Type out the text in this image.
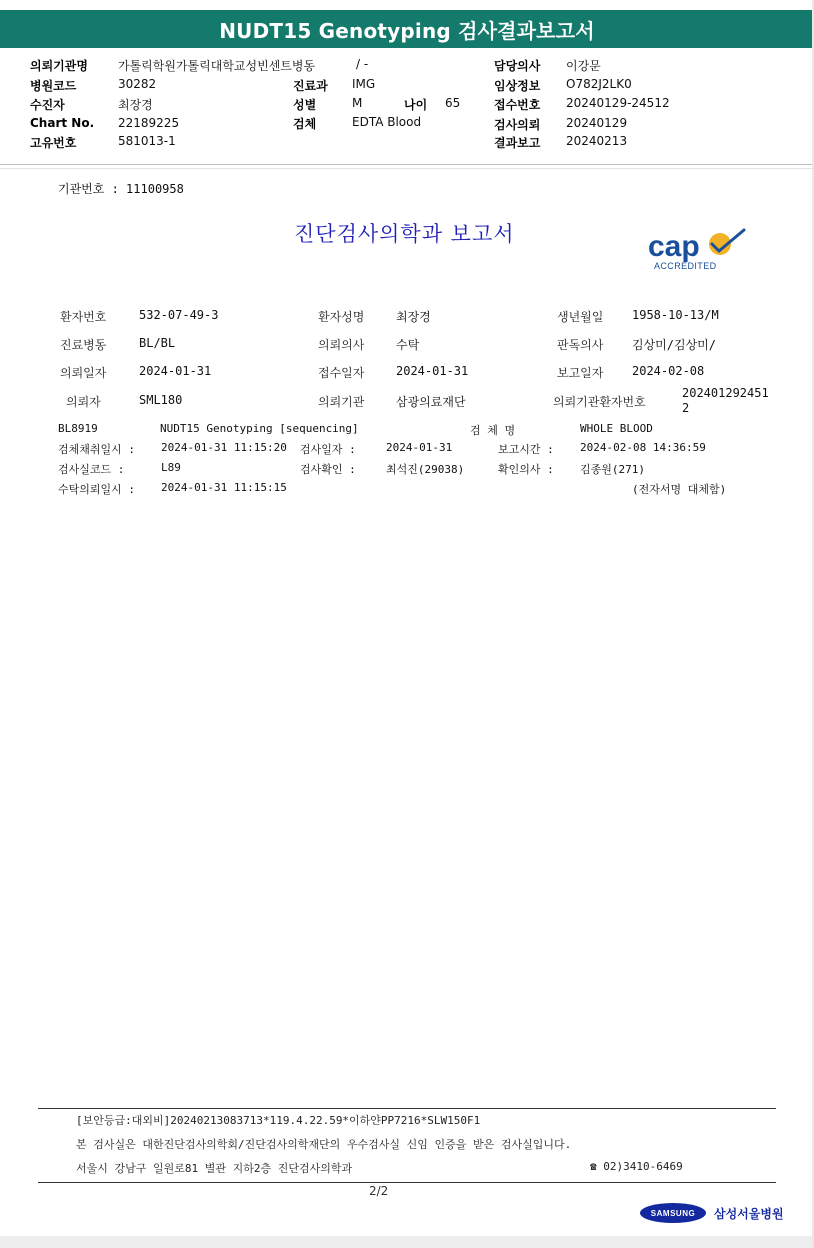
NUDT15 Genotyping 검사결과보고서
의뢰기관명	가톨릭학원가톨릭대학교성빈센트병동	/ -
병원코드	30282
수진자	최장경
Chart No. 22189225
고유번호	581013-1
진료과 IMG
성별	M	나이 65
검체	EDTA Blood
담당의사 이강문
임상정보 O782J2LK0
접수번호 20240129-24512
검사의뢰 20240129
결과보고 20240213
기관번호 : 11100958
진단검사의학과 보고서	cap
ACCREDITED
환자번호	532-07-49-3	환자성명	최장경	생년월일 1958-10-13/M
진료병동	BL/BL	의뢰의사	수탁	판독의사 김상미/김상미/
의뢰일자	2024-01-31	접수일자	2024-01-31	보고일자 2024-02-08
의뢰자	SML180	의뢰기관	삼광의료재단	의뢰기관환자번호
202401292451
2
BL8919	NUDT15 Genotyping [sequencing]	검 체 명	WHOLE BLOOD
검체채취일시 : 2024-01-31 11:15:20 검사일자 :	2024-01-31	보고시간 : 2024-02-08 14:36:59
검사실코드 :	L89	검사확인 :	최석진(29038)	확인의사 : 김종원(271)
수탁의뢰일시 : 2024-01-31 11:15:15	(전자서명 대체함)
[보안등급:대외비]20240213083713*119.4.22.59*이하얀PP7216*SLW150F1
본 검사실은 대한진단검사의학회/진단검사의학재단의 우수검사실 신임 인증을 받은 검사실입니다.
서울시 강남구 일원로81 별관 지하2층 진단검사의학과	☎ 02)3410-6469
2/2
SAMSUNG	삼성서울병원
